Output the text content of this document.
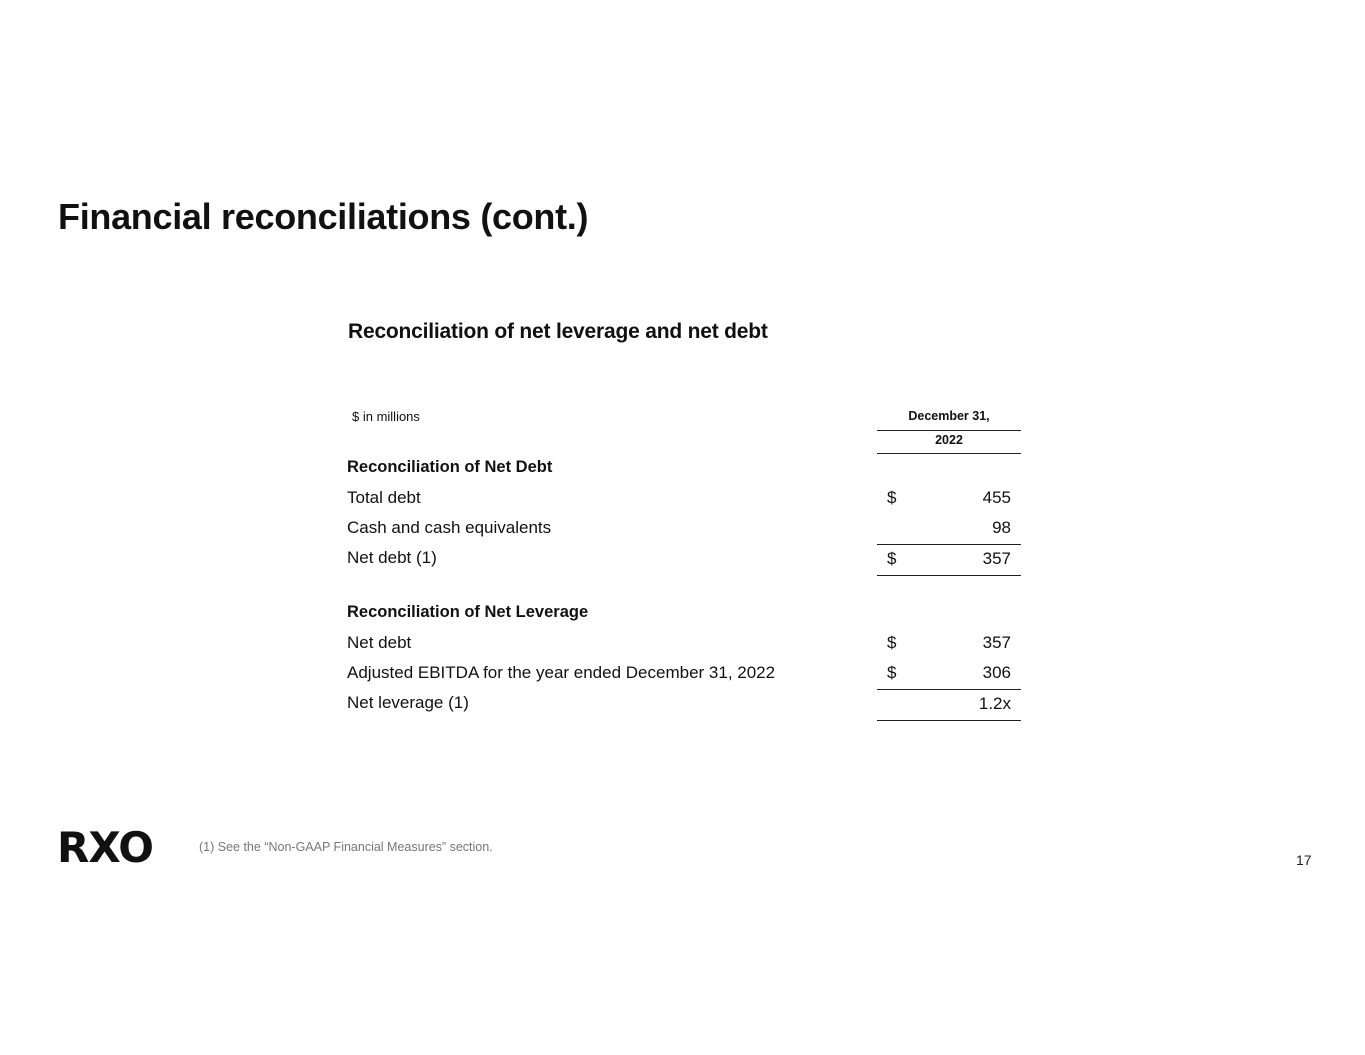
Financial reconciliations (cont.)
Reconciliation of net leverage and net debt
$ in millions	December 31,
2022
Reconciliation of Net Debt
Total debt	$	455
Cash and cash equivalents	98
Net debt (1)	$	357
Reconciliation of Net Leverage
Net debt	$	357
Adjusted EBITDA for the year ended December 31, 2022	$	306
Net leverage (1)	1.2x
RXO	(1) See the “Non-GAAP Financial Measures” section.
17
